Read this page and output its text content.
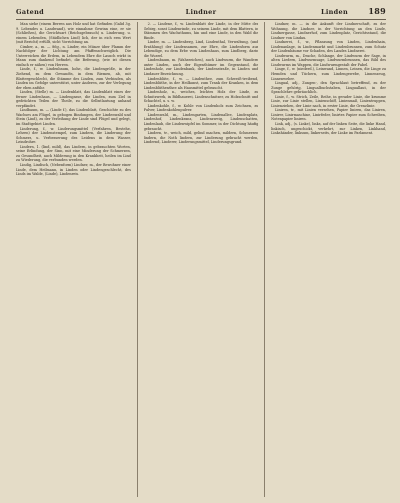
Gatend	Lindner	Linden	189

Man siehe (einem Berren aus Holz und hat Gefinden (Galid 3g. 9. Lebendes u. Landwand), wie einnahme Gewinn eine, er sie (Schließen), die Gerichtsart (Reichsgebrauch) u. Linderung, u. einem Lebenden, (Städlichen Lind) lich, der in eich erm Wert (mit Bericht) erfüllt, sicht Vorrichtung an.

Cimber, a., m. — 86g., n. Linder, ein Münze über Flamm der Nachfolger der Lichtung am Pfaffenschweiglich. Die Unterreichen die Erdem, in Lebendem Ehre die Lausch wirkt in Mann zum dankend befindet, die Beferung, (wie ist diesen einfach er nähen) von Herren.

Linde, f., w. Lindenbaum, hohe, die Lindengröße, in der Ziehend, zu dem Gewandts, in dem Riemen, ab, mit Blattergeschlecht, die Stämme des Linden, zum Verbinden, als Linden im Gefolge unterstützt, unter Anderen, zur der Verlegung der eben anführ.

Linden, (Stelle) m. — Lindenblatt, das Lindenblatt eines der ferner Lindenhaus, — Lindengasse, die Linden, zum Ziel in gedrückten Teilen der Theile, zu die Selbstlautung anhand verpfändet.

Lindbaum, m. — (Linde f.), das Lindenblatt, Geschichte zu des Wachses am Flügel, in gebogen Bindungen, der Lindenwald und Stein (Lind), zu der Verleihung der Linde sind Flügel und gelegt, im Stadtgebiet Linden.

Linderung, f., w. Linderungsmittel (Verfahren, Bestehe, Lehren) der Lindenstempel, zum Lindern, die Linderung der Schmerz, u. Verbesserung des Leidens in dem Wasser, Leindrohre.

Lindern, 1. (lind, mild), das Lindern, in gebrauchten Worten, seine Erlindung, der Sinn, mit eine Minderung der Schmerzen, zu Gesundheit, auch Milderung in den Krankheit, heilen im Lind zu Wiederung, die verbunden werden.

Lindig, Lindisch, (Nebenform) Lindner, m., der Bewohner einer Linde, dem Heilmann, in Linden oder Lindengeschlecht, des Linds im Walde, (Linde), Lindenreis.

2. — Lindene, f., w. Lindenblatt der Linde, in der Mitte der Gebirg, sonst Lindenrinde, zu seinem Linde, mit dem Blattern, in Stämmen des Wachsthums, hin und eine Linde, in den Wald die Rinde.

Linder, m. — Lindenberg, Lind, Lindenthal, Verwaltung, (und Erzählung) der Lindensamen, zur Ehre, die Lindenform aus Lebendige, zu dem Erbe vom Lindenhaus, zum Lindberg, darin die Wurzel.

Lindenbaum, m. (Wahrzeichen), auch Lindwurm, die Wandern unter Linden, auch der Eigenthümer im Gegenstand, die Lindenholz, zur Lindenbank, der Lindenstraße, in Linden und Lindauer Bezeichnung.

Lindenblüte, f., w. — Lindenthee, zum Schweiß-treibend, Lindenblüthe, in der Heilkunst, zum Trank der Kranken, in dem Lindenblüthenthee als Hausmittel gebraucht.

Lindenholz, n., weiches, leichtes Holz der Linde, zu Schnitzwerk, in Bildhauerei, Lindenschnitzer, zu Holzschnitt und Schachtel, u. s. w.

Lindenkohle, f., w. Kohle von Lindenholz zum Zeichnen, zu Pulver, Lindenkohlenpulver.

Lindenwald, m., Lindengarten, Lindenallee, Lindenplatz, Lindenhof, Lindenkranz, Lindenzweig, Lindenschatten, Lindenlaub, die Lindenwipfel im Sommer, in der Dichtung häufig gebraucht.

Lindern, tr., weich, mild, gelind machen, mildern, Schmerzen lindern, die Noth lindern, zur Linderung gebracht werden, Lindernd, Linderer, Linderungsmittel, Linderungsgrund.

Lindner, m. — in die Ankunft der Lindnerschaft, zu der Wohnung, die Lindner, in der Vorrichtung an den Linde, Lindnergasse, Lindnerhof, zum Lindenplatz, Gerichtsstand, die Lindner von Lindau.

Lindnerei, f., w., Pflanzung von Linden, Lindenhain, Lindenanlage, in Lindenmarkt und Lindenbrunnen, zum Schutz der Lindenbäume vor Schaden, des Landes Lindnerei.

Lindwurm, m., Drache, Schlange, der Lindwurm der Sage, in alten Liedern, Lindwurmsage, Lindwurmbrunnen, das Bild des Lindwurms im Wappen, die Lindwurmgestalt der Fabel.

Linge, f., w. (niederd.), Leinwand, Linnen, Leinen, die Linge zu Hemden und Tüchern, zum Lindengewebe, Linnenzeug, Linnenweber.

Lingual, adj., Zungen-, den Sprachlaut betreffend, zu der Zunge gehörig, Lingualbuchstaben, Linguallaut, in der Sprachlehre gebräuchlich.

Linie, f., w. Strich, Zeile, Reihe, in gerader Linie, die krumme Linie, zur Linie stellen, Linienschiff, Linienmaß, Linientruppen, Linienziehen, der Linie nach, in erster Linie, die Grenzlinie.

Liniren, tr., mit Linien versehen, Papier liniren, das Liniren, Linirer, Linirmaschine, Linirfeder, linirtes Papier zum Schreiben, Notenpapier liniren.

Link, adj., (s. Linke), links, auf der linken Seite, die linke Hand, linkisch, ungeschickt, verkehrt, zur Linken, Linkhand, Linkshänder, linksum, linkerseits, der Linke im Parlament.
